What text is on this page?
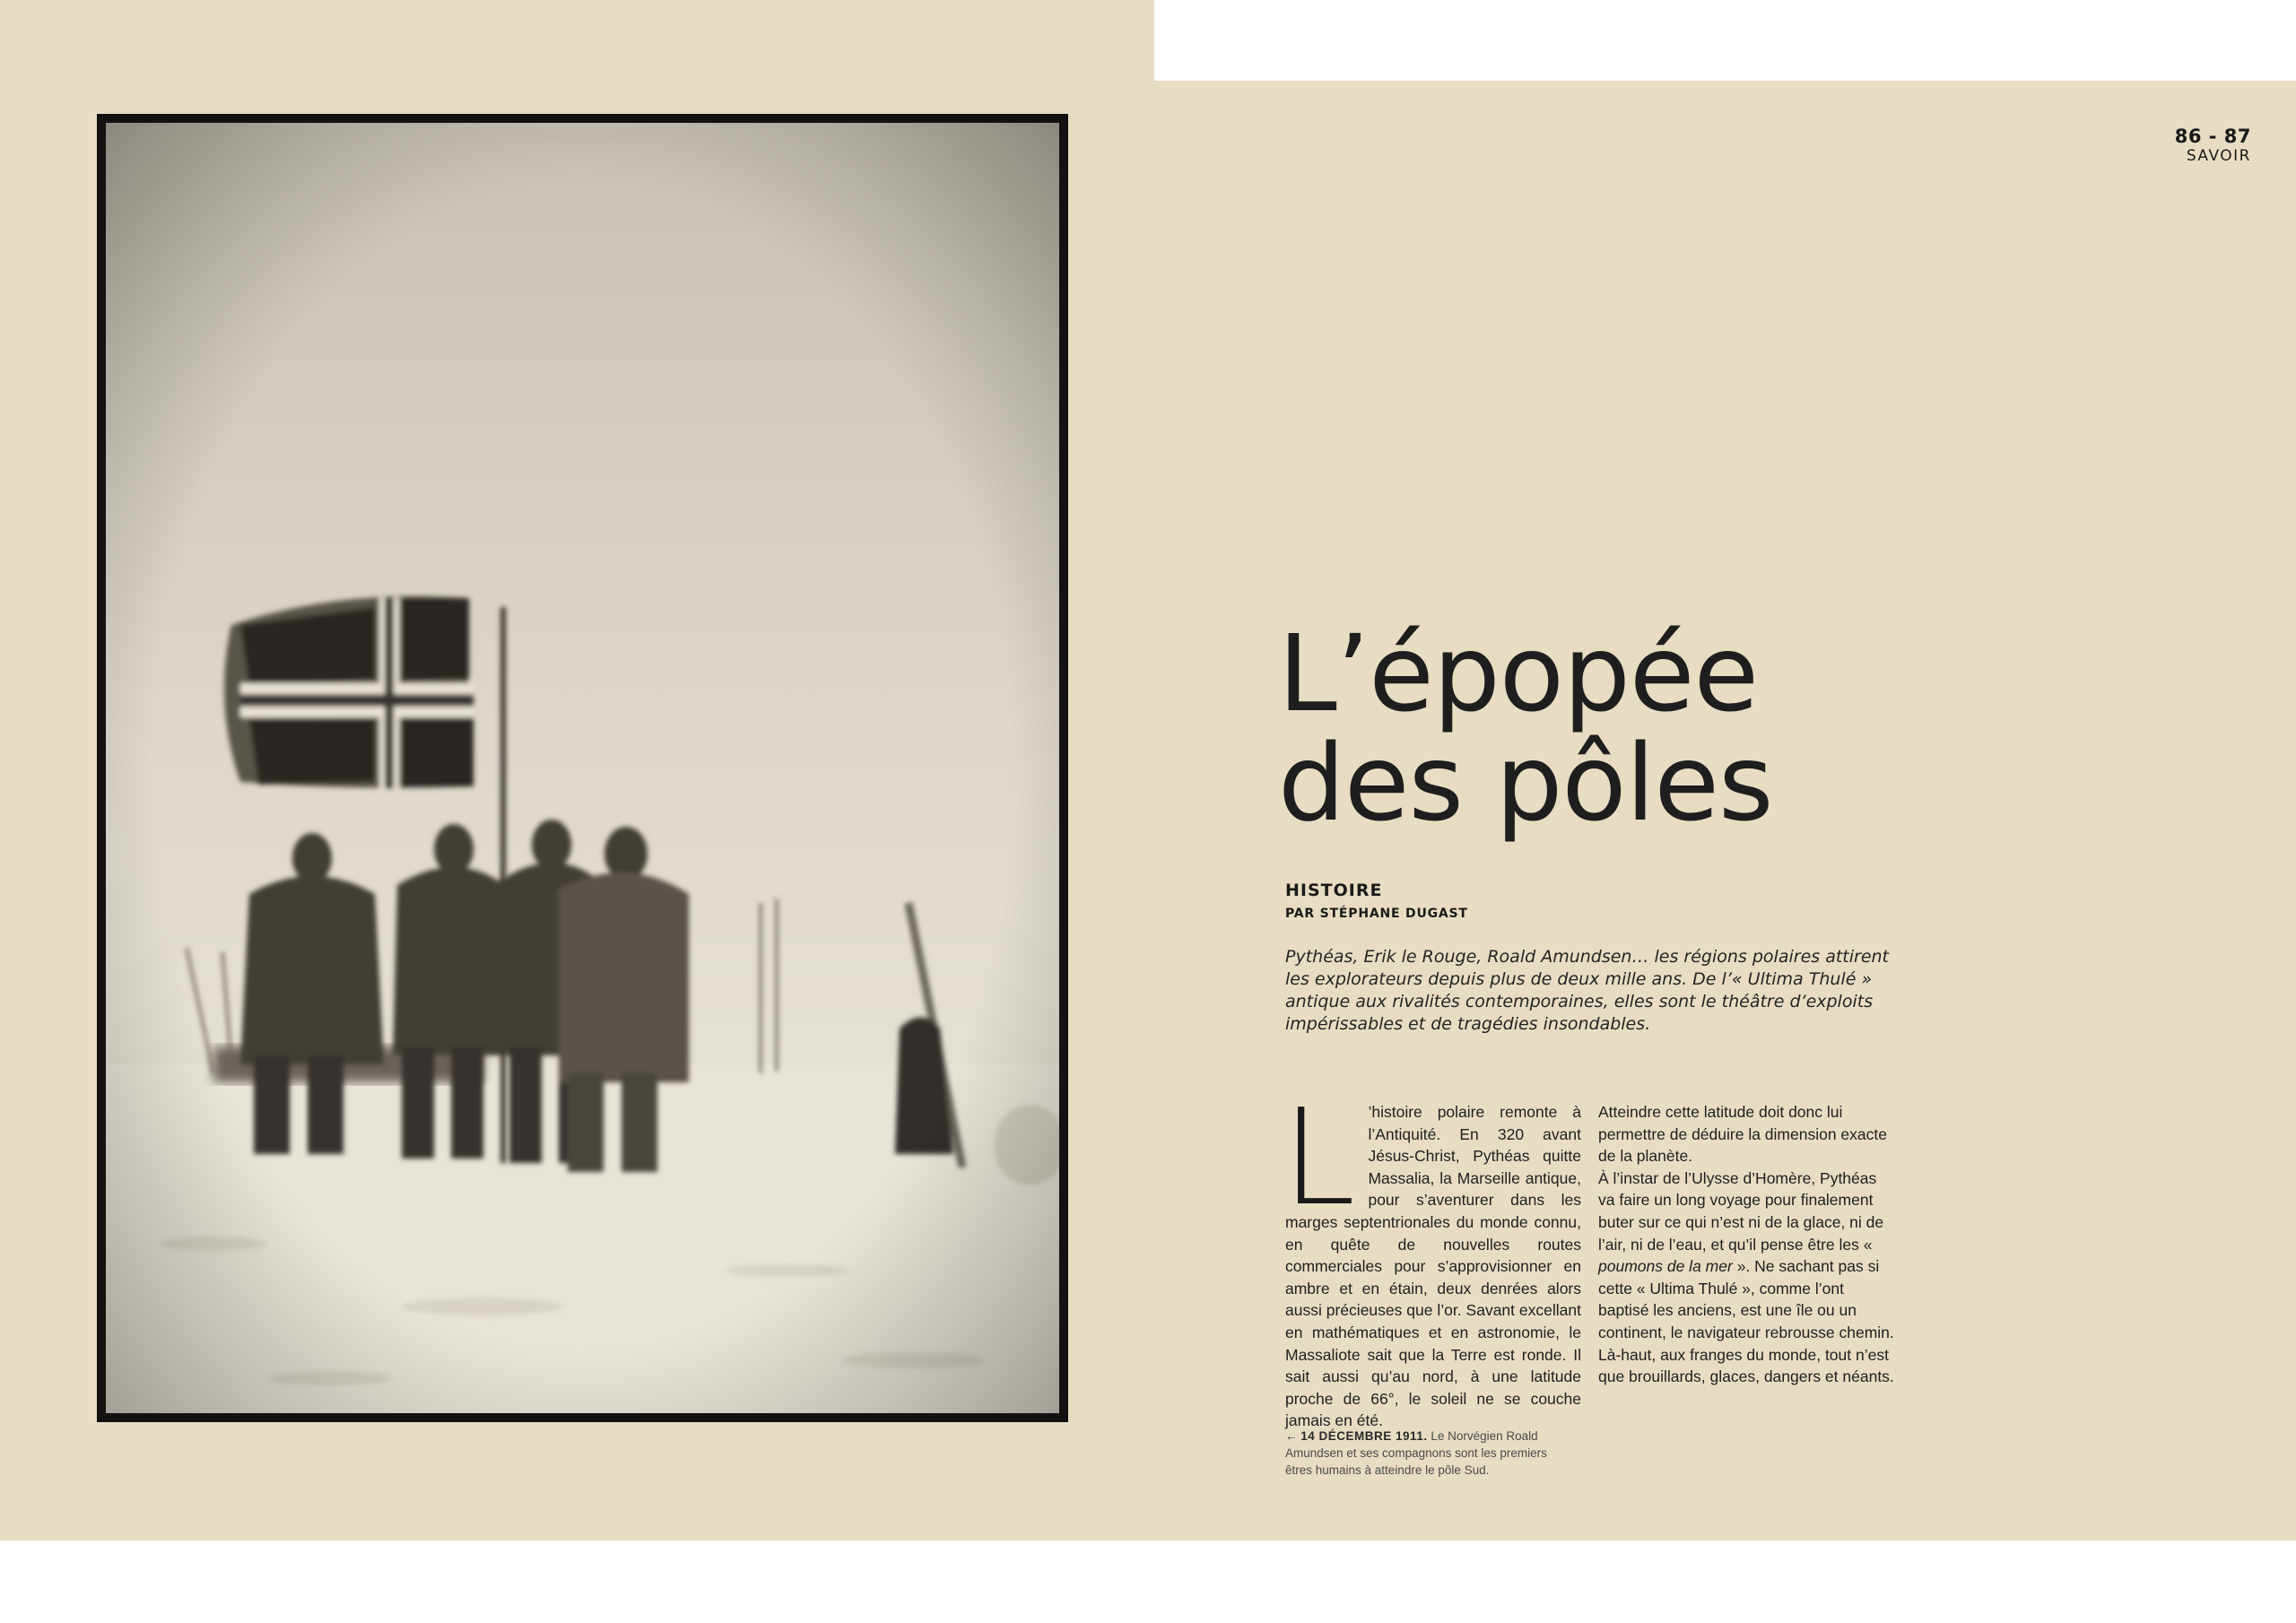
86 - 87
SAVOIR
L’épopée
des pôles
HISTOIRE
PAR STÉPHANE DUGAST

Pythéas, Erik le Rouge, Roald Amundsen… les régions polaires attirent les explorateurs depuis plus de deux mille ans. De l’« Ultima Thulé » antique aux rivalités contemporaines, elles sont le théâtre d’exploits impérissables et de tragédies insondables.

L ’histoire polaire remonte à l’Antiquité. En 320 avant Jésus-Christ, Pythéas quitte Massalia, la Marseille antique, pour s’aventurer dans les marges septentrionales du monde connu, en quête de nouvelles routes commerciales pour s’approvisionner en ambre et en étain, deux denrées alors aussi précieuses que l’or. Savant excellant en mathématiques et en astronomie, le Massaliote sait que la Terre est ronde. Il sait aussi qu’au nord, à une latitude proche de 66°, le soleil ne se couche jamais en été.
Atteindre cette latitude doit donc lui permettre de déduire la dimension exacte de la planète.
À l’instar de l’Ulysse d’Homère, Pythéas va faire un long voyage pour finalement buter sur ce qui n’est ni de la glace, ni de l’air, ni de l’eau, et qu’il pense être les « poumons de la mer ». Ne sachant pas si cette « Ultima Thulé », comme l’ont baptisé les anciens, est une île ou un continent, le navigateur rebrousse chemin. Là-haut, aux franges du monde, tout n’est que brouillards, glaces, dangers et néants.
← 14 DÉCEMBRE 1911. Le Norvégien Roald Amundsen et ses compagnons sont les premiers êtres humains à atteindre le pôle Sud.
